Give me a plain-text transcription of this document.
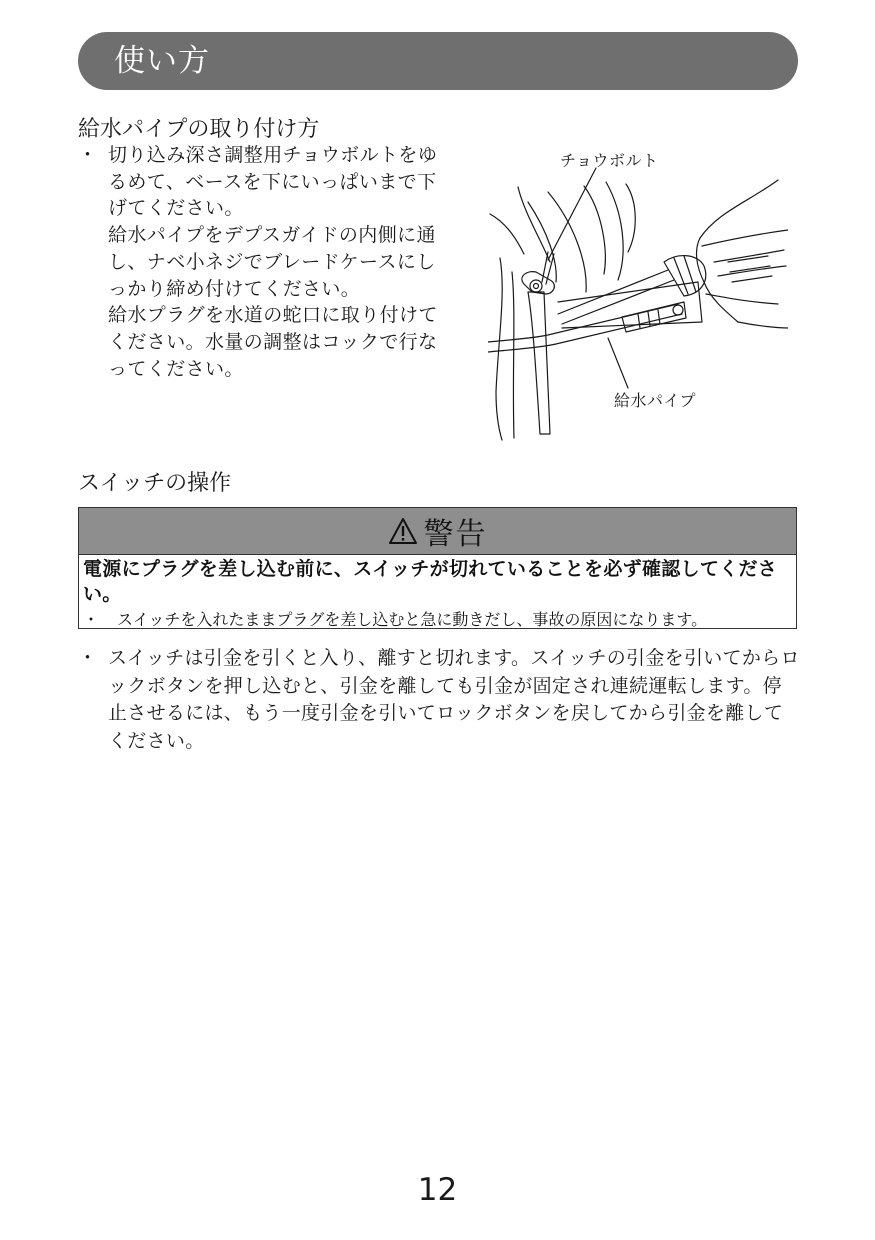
使い方
給水パイプの取り付け方
・ 切り込み深さ調整用チョウボルトをゆるめて、ベースを下にいっぱいまで下げてください。
給水パイプをデプスガイドの内側に通し、ナベ小ネジでブレードケースにしっかり締め付けてください。
給水プラグを水道の蛇口に取り付けてください。水量の調整はコックで行なってください。
チョウボルト
給水パイプ
スイッチの操作
警告

電源にプラグを差し込む前に、スイッチが切れていることを必ず確認してください。

・ スイッチを入れたままプラグを差し込むと急に動きだし、事故の原因になります。

・ スイッチは引金を引くと入り、離すと切れます。スイッチの引金を引いてからロックボタンを押し込むと、引金を離しても引金が固定され連続運転します。停止させるには、もう一度引金を引いてロックボタンを戻してから引金を離してください。
12
